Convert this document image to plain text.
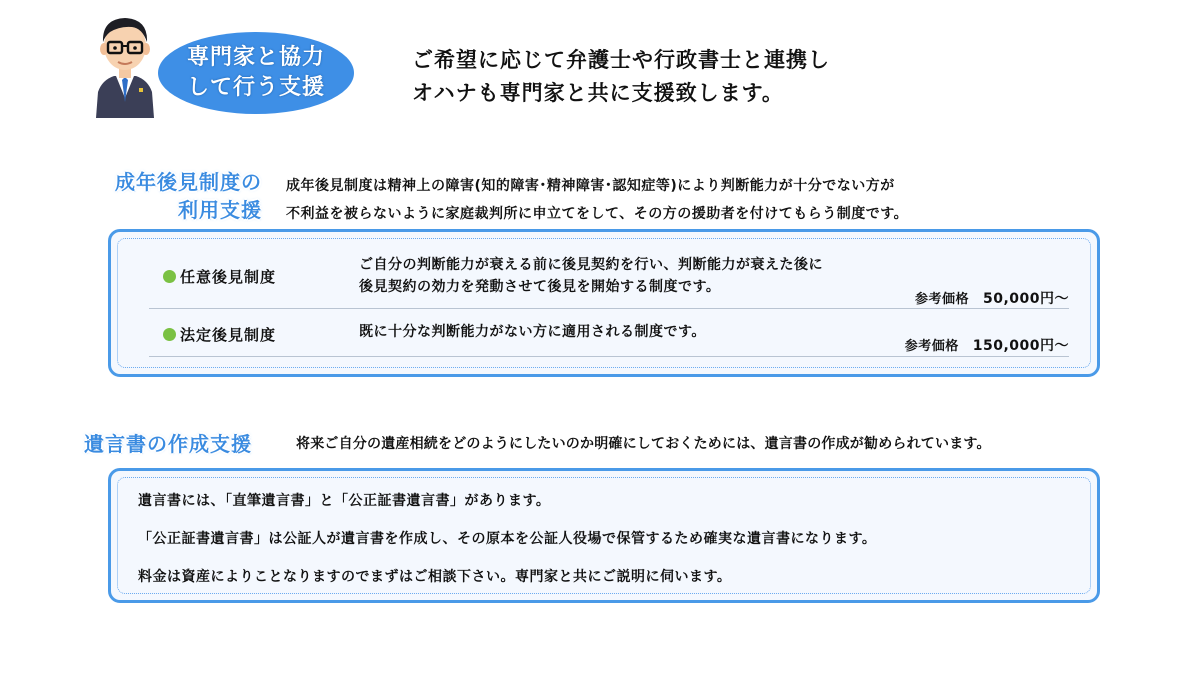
専門家と協力
して行う支援
ご希望に応じて弁護士や行政書士と連携し
オハナも専門家と共に支援致します。
成年後見制度の
利用支援
成年後見制度は精神上の障害(知的障害･精神障害･認知症等)により判断能力が十分でない方が
不利益を被らないように家庭裁判所に申立てをして、その方の援助者を付けてもらう制度です。
任意後見制度
ご自分の判断能力が衰える前に後見契約を行い、判断能力が衰えた後に
後見契約の効力を発動させて後見を開始する制度です。
参考価格 50,000円～
法定後見制度	既に十分な判断能力がない方に適用される制度です。
参考価格 150,000円～
遺言書の作成支援	将来ご自分の遺産相続をどのようにしたいのか明確にしておくためには、遺言書の作成が勧められています。
遺言書には、「直筆遺言書」と「公正証書遺言書」があります。
「公正証書遺言書」は公証人が遺言書を作成し、その原本を公証人役場で保管するため確実な遺言書になります。
料金は資産によりことなりますのでまずはご相談下さい。専門家と共にご説明に伺います。
